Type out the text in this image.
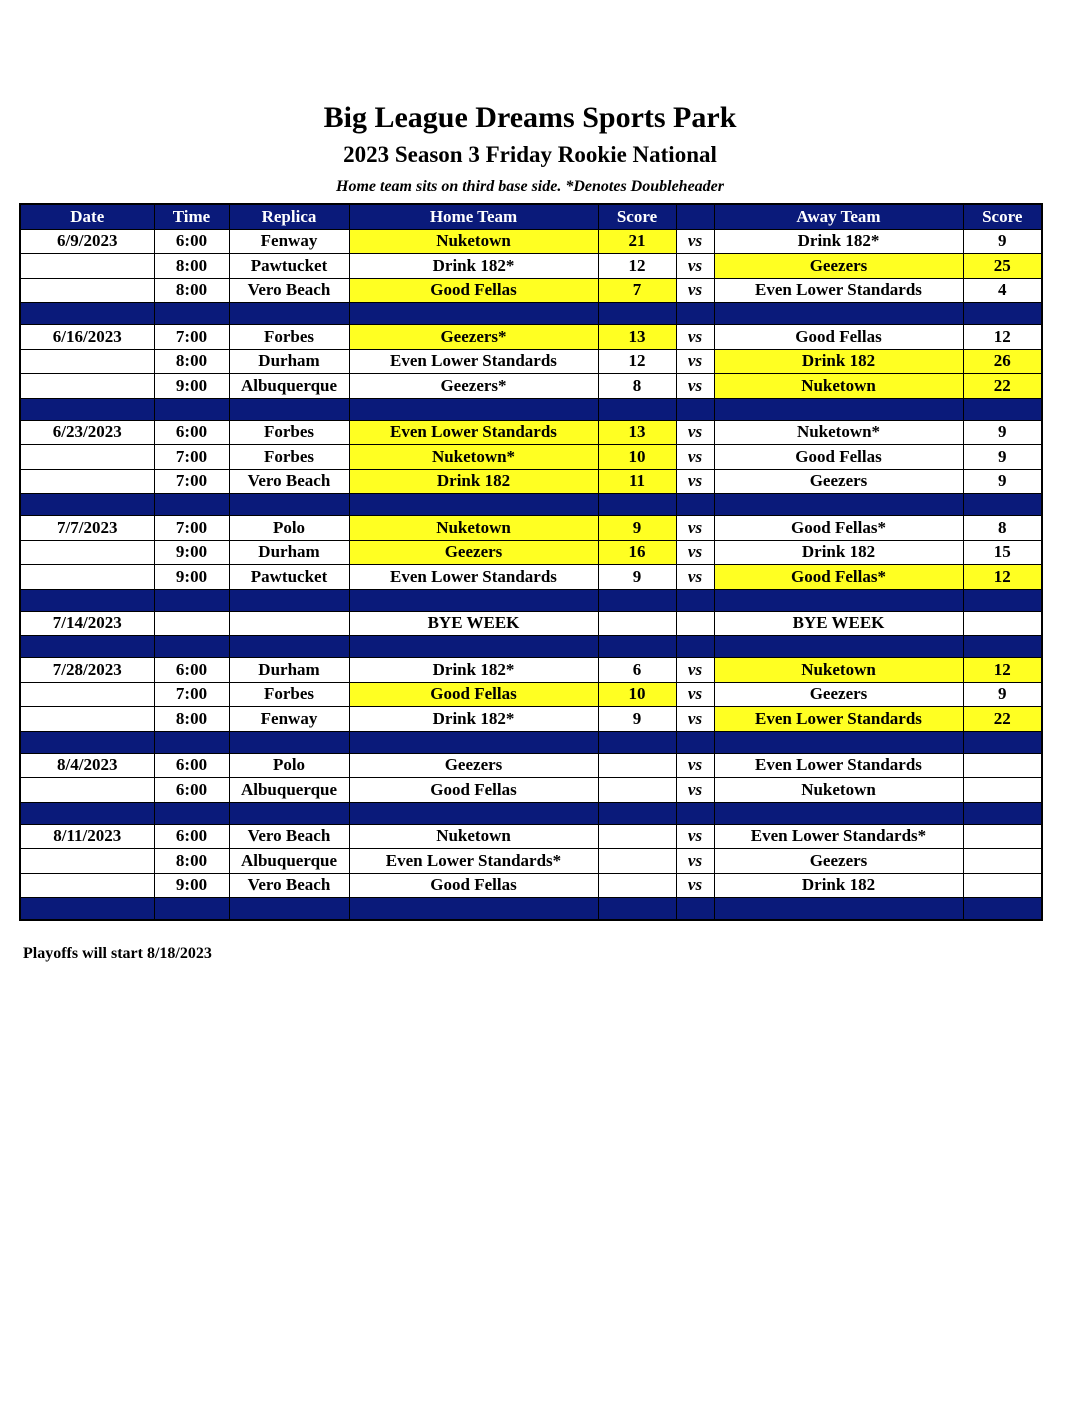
Big League Dreams Sports Park
2023 Season 3 Friday Rookie National
Home team sits on third base side. *Denotes Doubleheader
Date	Time	Replica	Home Team	Score		Away Team	Score
6/9/2023	6:00	Fenway	Nuketown	21	vs	Drink 182*	9
	8:00	Pawtucket	Drink 182*	12	vs	Geezers	25
	8:00	Vero Beach	Good Fellas	7	vs	Even Lower Standards	4

6/16/2023	7:00	Forbes	Geezers*	13	vs	Good Fellas	12
	8:00	Durham	Even Lower Standards	12	vs	Drink 182	26
	9:00	Albuquerque	Geezers*	8	vs	Nuketown	22

6/23/2023	6:00	Forbes	Even Lower Standards	13	vs	Nuketown*	9
	7:00	Forbes	Nuketown*	10	vs	Good Fellas	9
	7:00	Vero Beach	Drink 182	11	vs	Geezers	9

7/7/2023	7:00	Polo	Nuketown	9	vs	Good Fellas*	8
	9:00	Durham	Geezers	16	vs	Drink 182	15
	9:00	Pawtucket	Even Lower Standards	9	vs	Good Fellas*	12

7/14/2023			BYE WEEK			BYE WEEK	

7/28/2023	6:00	Durham	Drink 182*	6	vs	Nuketown	12
	7:00	Forbes	Good Fellas	10	vs	Geezers	9
	8:00	Fenway	Drink 182*	9	vs	Even Lower Standards	22

8/4/2023	6:00	Polo	Geezers		vs	Even Lower Standards	
	6:00	Albuquerque	Good Fellas		vs	Nuketown	

8/11/2023	6:00	Vero Beach	Nuketown		vs	Even Lower Standards*	
	8:00	Albuquerque	Even Lower Standards*		vs	Geezers	
	9:00	Vero Beach	Good Fellas		vs	Drink 182	

Playoffs will start 8/18/2023
